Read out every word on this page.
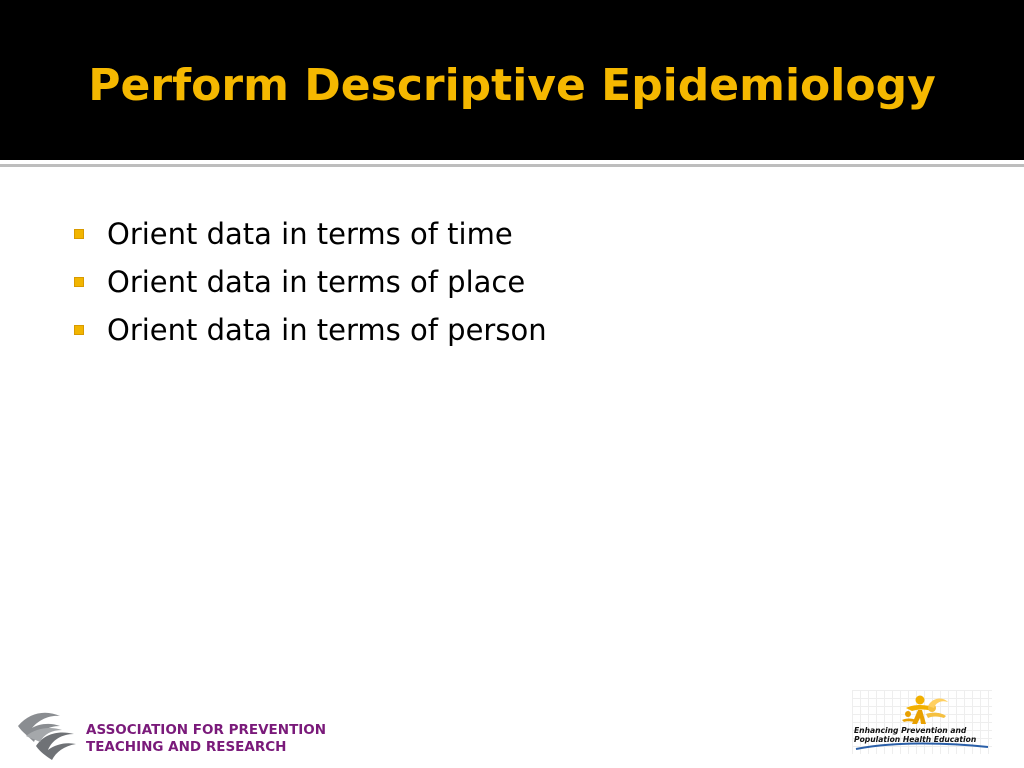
Perform Descriptive Epidemiology
Orient data in terms of time
Orient data in terms of place
Orient data in terms of person
ASSOCIATION FOR PREVENTION
TEACHING AND RESEARCH
Enhancing Prevention and
Population Health Education
